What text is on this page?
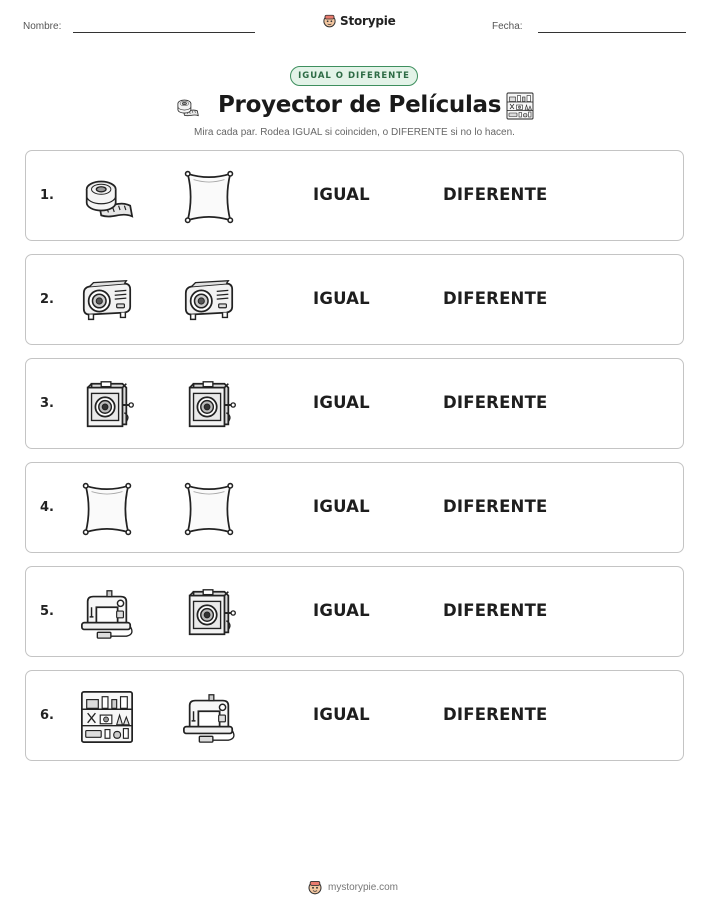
Nombre:	Storypie	Fecha:
IGUAL O DIFERENTE
Proyector de Películas
Mira cada par. Rodea IGUAL si coinciden, o DIFERENTE si no lo hacen.
1.	IGUAL	DIFERENTE
2.	IGUAL	DIFERENTE
3.	IGUAL	DIFERENTE
4.	IGUAL	DIFERENTE
5.	IGUAL	DIFERENTE
6.	IGUAL	DIFERENTE
mystorypie.com
